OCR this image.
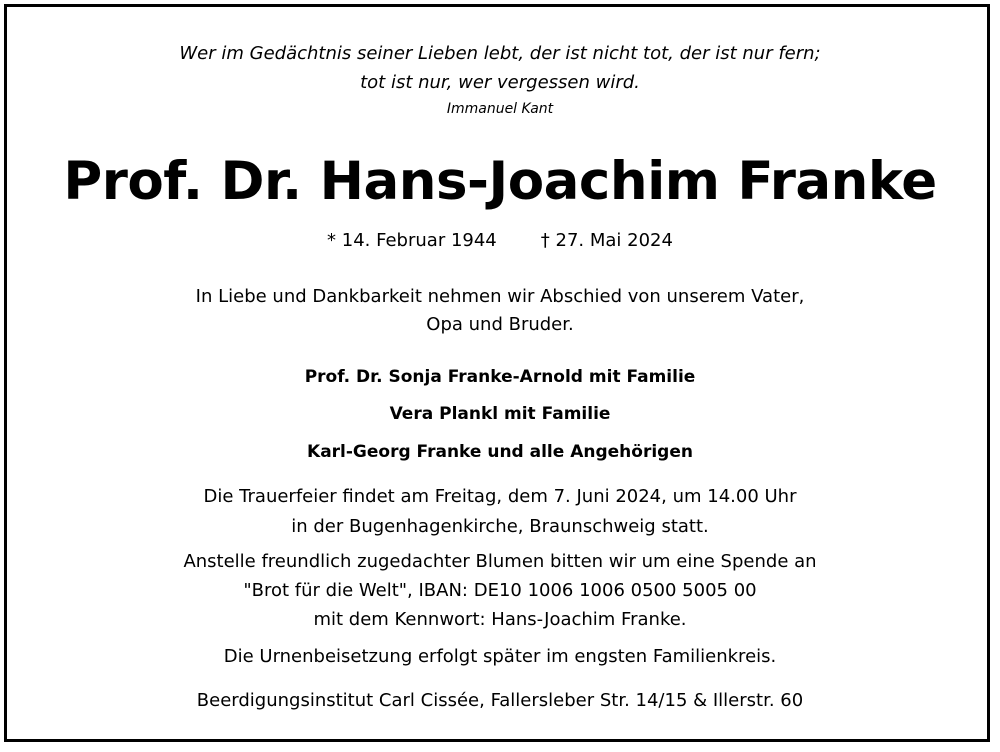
Wer im Gedächtnis seiner Lieben lebt, der ist nicht tot, der ist nur fern;
tot ist nur, wer vergessen wird.
Immanuel Kant
Prof. Dr. Hans-Joachim Franke
* 14. Februar 1944 † 27. Mai 2024
In Liebe und Dankbarkeit nehmen wir Abschied von unserem Vater,
Opa und Bruder.
Prof. Dr. Sonja Franke-Arnold mit Familie
Vera Plankl mit Familie
Karl-Georg Franke und alle Angehörigen
Die Trauerfeier findet am Freitag, dem 7. Juni 2024, um 14.00 Uhr
in der Bugenhagenkirche, Braunschweig statt.
Anstelle freundlich zugedachter Blumen bitten wir um eine Spende an
"Brot für die Welt", IBAN: DE10 1006 1006 0500 5005 00
mit dem Kennwort: Hans-Joachim Franke.
Die Urnenbeisetzung erfolgt später im engsten Familienkreis.
Beerdigungsinstitut Carl Cissée, Fallersleber Str. 14/15 & Illerstr. 60
